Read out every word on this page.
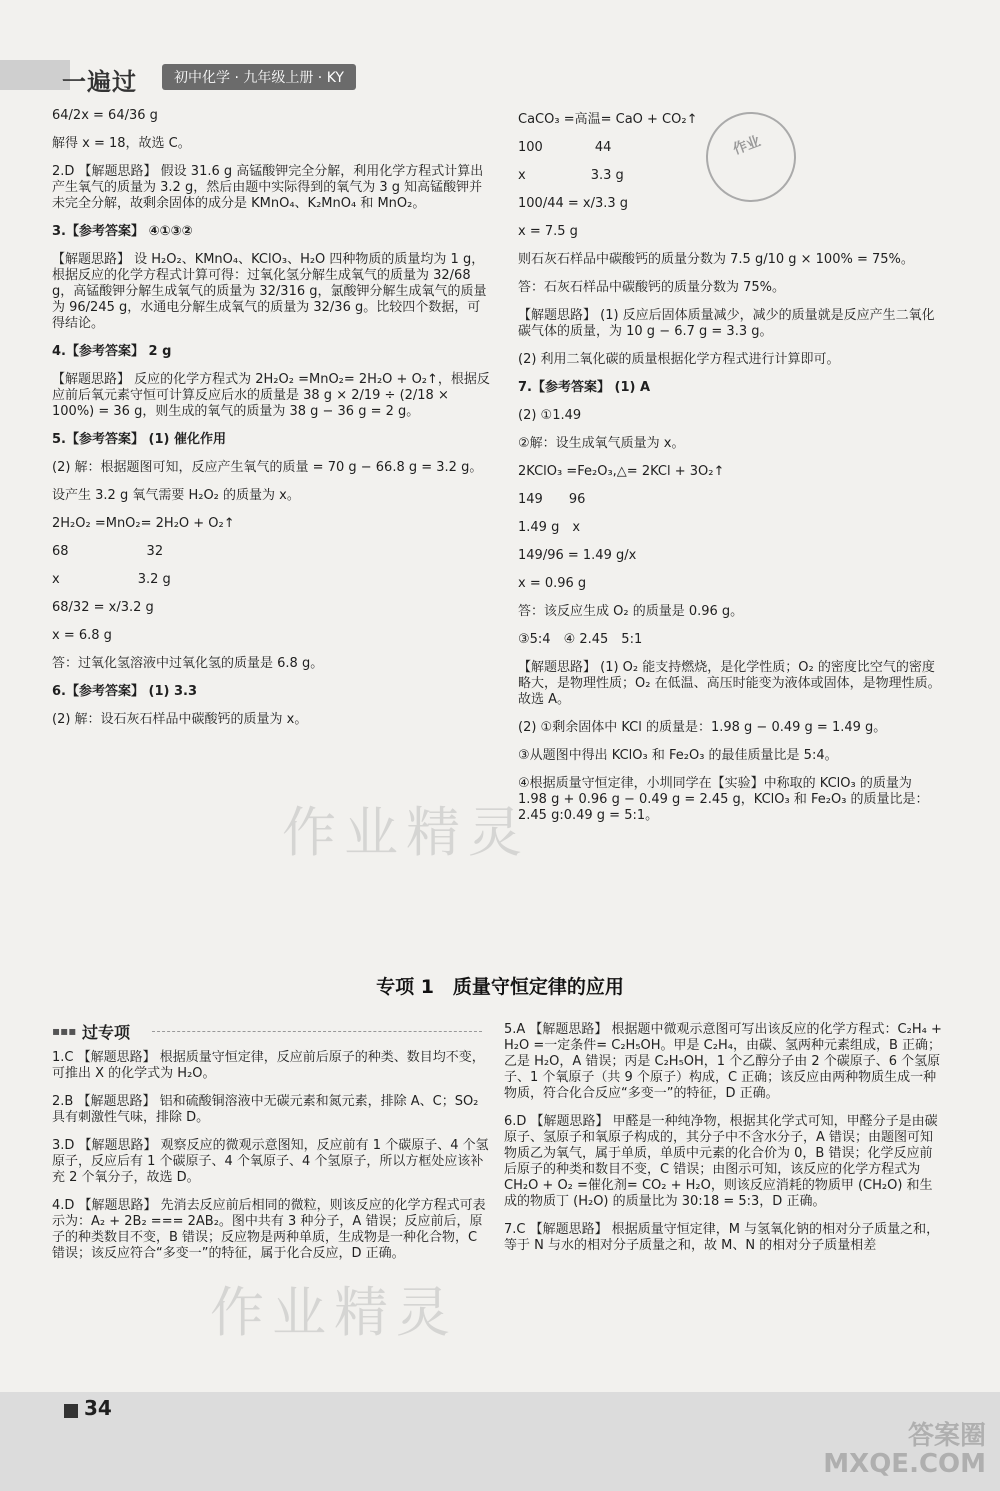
一遍过	初中化学 · 九年级上册 · KY
作业

64/2x = 64/36 g

解得 x = 18，故选 C。

2.D 【解题思路】 假设 31.6 g 高锰酸钾完全分解，利用化学方程式计算出产生氧气的质量为 3.2 g，然后由题中实际得到的氧气为 3 g 知高锰酸钾并未完全分解，故剩余固体的成分是 KMnO₄、K₂MnO₄ 和 MnO₂。

3.【参考答案】 ④①③②

【解题思路】 设 H₂O₂、KMnO₄、KClO₃、H₂O 四种物质的质量均为 1 g，根据反应的化学方程式计算可得：过氧化氢分解生成氧气的质量为 32/68 g，高锰酸钾分解生成氧气的质量为 32/316 g，氯酸钾分解生成氧气的质量为 96/245 g，水通电分解生成氧气的质量为 32/36 g。比较四个数据，可得结论。

4.【参考答案】 2 g

【解题思路】 反应的化学方程式为 2H₂O₂ =MnO₂= 2H₂O + O₂↑，根据反应前后氧元素守恒可计算反应后水的质量是 38 g × 2/19 ÷ (2/18 × 100%) = 36 g，则生成的氧气的质量为 38 g − 36 g = 2 g。

5.【参考答案】 (1) 催化作用

(2) 解：根据题图可知，反应产生氧气的质量 = 70 g − 66.8 g = 3.2 g。

设产生 3.2 g 氧气需要 H₂O₂ 的质量为 x。

2H₂O₂ =MnO₂= 2H₂O + O₂↑

68　　　　　　32

x　　　　　　3.2 g

68/32 = x/3.2 g

x = 6.8 g

答：过氧化氢溶液中过氧化氢的质量是 6.8 g。

6.【参考答案】 (1) 3.3

(2) 解：设石灰石样品中碳酸钙的质量为 x。

CaCO₃ =高温= CaO + CO₂↑

100　　　　44

x　　　　　3.3 g

100/44 = x/3.3 g

x = 7.5 g

则石灰石样品中碳酸钙的质量分数为 7.5 g/10 g × 100% = 75%。

答：石灰石样品中碳酸钙的质量分数为 75%。

【解题思路】 (1) 反应后固体质量减少，减少的质量就是反应产生二氧化碳气体的质量，为 10 g − 6.7 g = 3.3 g。

(2) 利用二氧化碳的质量根据化学方程式进行计算即可。

7.【参考答案】 (1) A

(2) ①1.49

②解：设生成氧气质量为 x。

2KClO₃ =Fe₂O₃,△= 2KCl + 3O₂↑

149　　96

1.49 g　x

149/96 = 1.49 g/x

x = 0.96 g

答：该反应生成 O₂ 的质量是 0.96 g。

③5:4　④ 2.45　5:1

【解题思路】 (1) O₂ 能支持燃烧，是化学性质；O₂ 的密度比空气的密度略大，是物理性质；O₂ 在低温、高压时能变为液体或固体，是物理性质。故选 A。

(2) ①剩余固体中 KCl 的质量是：1.98 g − 0.49 g = 1.49 g。

③从题图中得出 KClO₃ 和 Fe₂O₃ 的最佳质量比是 5:4。

④根据质量守恒定律，小圳同学在【实验】中称取的 KClO₃ 的质量为 1.98 g + 0.96 g − 0.49 g = 2.45 g，KClO₃ 和 Fe₂O₃ 的质量比是：2.45 g:0.49 g = 5:1。

作业精灵
作业精灵
专项 1　质量守恒定律的应用
▪▪▪ 过专项

1.C 【解题思路】 根据质量守恒定律，反应前后原子的种类、数目均不变，可推出 X 的化学式为 H₂O。

2.B 【解题思路】 铝和硫酸铜溶液中无碳元素和氮元素，排除 A、C；SO₂ 具有刺激性气味，排除 D。

3.D 【解题思路】 观察反应的微观示意图知，反应前有 1 个碳原子、4 个氢原子，反应后有 1 个碳原子、4 个氧原子、4 个氢原子，所以方框处应该补充 2 个氧分子，故选 D。

4.D 【解题思路】 先消去反应前后相同的微粒，则该反应的化学方程式可表示为：A₂ + 2B₂ === 2AB₂。图中共有 3 种分子，A 错误；反应前后，原子的种类数目不变，B 错误；反应物是两种单质，生成物是一种化合物，C 错误；该反应符合“多变一”的特征，属于化合反应，D 正确。

5.A 【解题思路】 根据题中微观示意图可写出该反应的化学方程式：C₂H₄ + H₂O =一定条件= C₂H₅OH。甲是 C₂H₄，由碳、氢两种元素组成，B 正确；乙是 H₂O，A 错误；丙是 C₂H₅OH，1 个乙醇分子由 2 个碳原子、6 个氢原子、1 个氧原子（共 9 个原子）构成，C 正确；该反应由两种物质生成一种物质，符合化合反应“多变一”的特征，D 正确。

6.D 【解题思路】 甲醛是一种纯净物，根据其化学式可知，甲醛分子是由碳原子、氢原子和氧原子构成的，其分子中不含水分子，A 错误；由题图可知物质乙为氧气，属于单质，单质中元素的化合价为 0，B 错误；化学反应前后原子的种类和数目不变，C 错误；由图示可知，该反应的化学方程式为 CH₂O + O₂ =催化剂= CO₂ + H₂O，则该反应消耗的物质甲 (CH₂O) 和生成的物质丁 (H₂O) 的质量比为 30:18 = 5:3，D 正确。

7.C 【解题思路】 根据质量守恒定律，M 与氢氧化钠的相对分子质量之和，等于 N 与水的相对分子质量之和，故 M、N 的相对分子质量相差

34
答案圈
MXQE.COM
